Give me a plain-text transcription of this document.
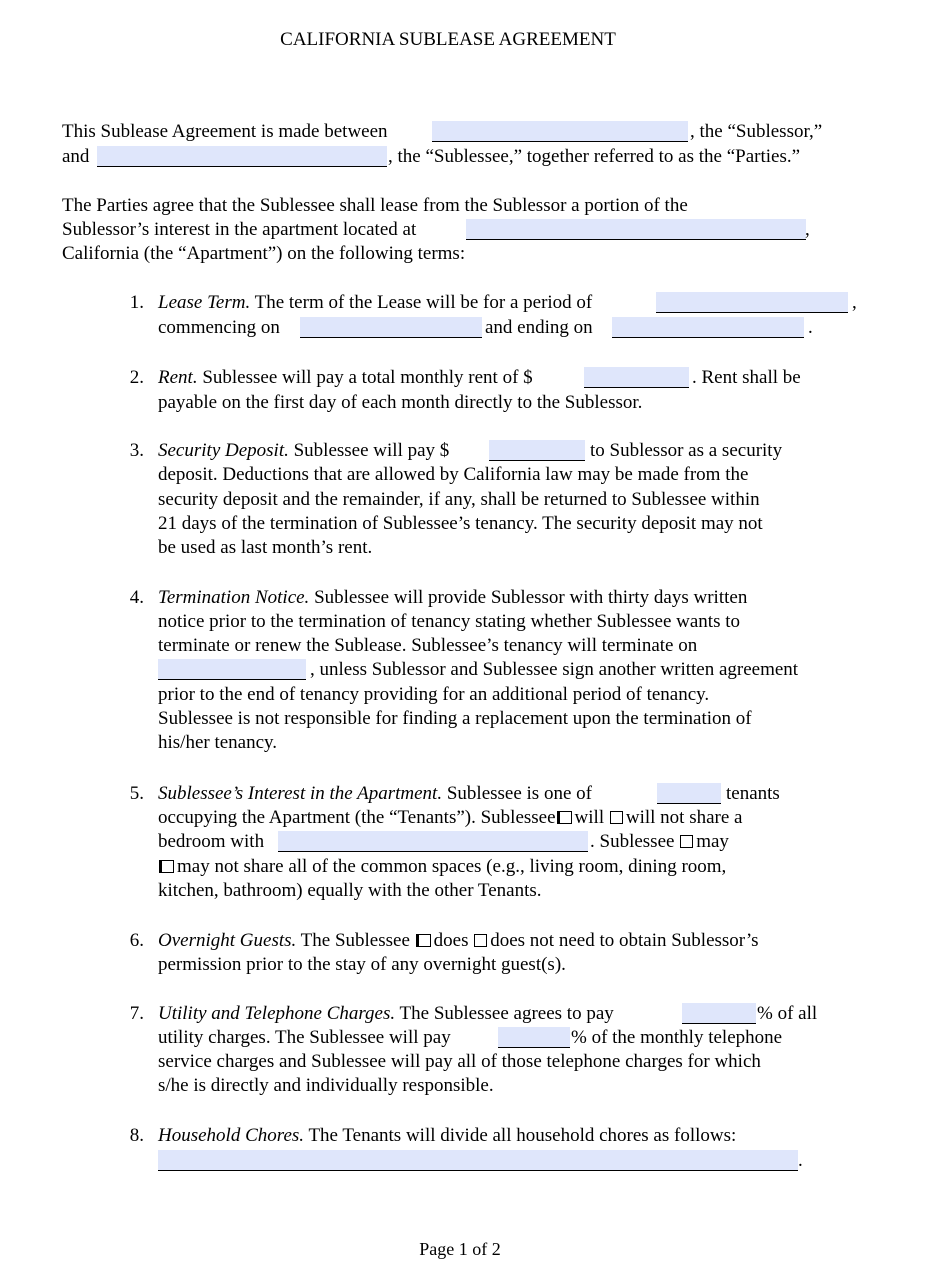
CALIFORNIA SUBLEASE AGREEMENT
This Sublease Agreement is made between	, the “Sublessor,”
and	, the “Sublessee,” together referred to as the “Parties.”
The Parties agree that the Sublessee shall lease from the Sublessor a portion of the
Sublessor’s interest in the apartment located at	,
California (the “Apartment”) on the following terms:
1. Lease Term. The term of the Lease will be for a period of	,
commencing on	and ending on	.
2. Rent. Sublessee will pay a total monthly rent of $	. Rent shall be
payable on the first day of each month directly to the Sublessor.
3. Security Deposit. Sublessee will pay $	to Sublessor as a security
deposit. Deductions that are allowed by California law may be made from the
security deposit and the remainder, if any, shall be returned to Sublessee within
21 days of the termination of Sublessee’s tenancy. The security deposit may not
be used as last month’s rent.
4. Termination Notice. Sublessee will provide Sublessor with thirty days written
notice prior to the termination of tenancy stating whether Sublessee wants to
terminate or renew the Sublease. Sublessee’s tenancy will terminate on
, unless Sublessor and Sublessee sign another written agreement
prior to the end of tenancy providing for an additional period of tenancy.
Sublessee is not responsible for finding a replacement upon the termination of
his/her tenancy.
5. Sublessee’s Interest in the Apartment. Sublessee is one of	tenants
occupying the Apartment (the “Tenants”). Sublessee will will not share a
bedroom with	. Sublessee may
may not share all of the common spaces (e.g., living room, dining room,
kitchen, bathroom) equally with the other Tenants.
6. Overnight Guests. The Sublessee does does not need to obtain Sublessor’s
permission prior to the stay of any overnight guest(s).
7. Utility and Telephone Charges. The Sublessee agrees to pay	% of all
utility charges. The Sublessee will pay	% of the monthly telephone
service charges and Sublessee will pay all of those telephone charges for which
s/he is directly and individually responsible.
8. Household Chores. The Tenants will divide all household chores as follows:
.
Page 1 of 2
